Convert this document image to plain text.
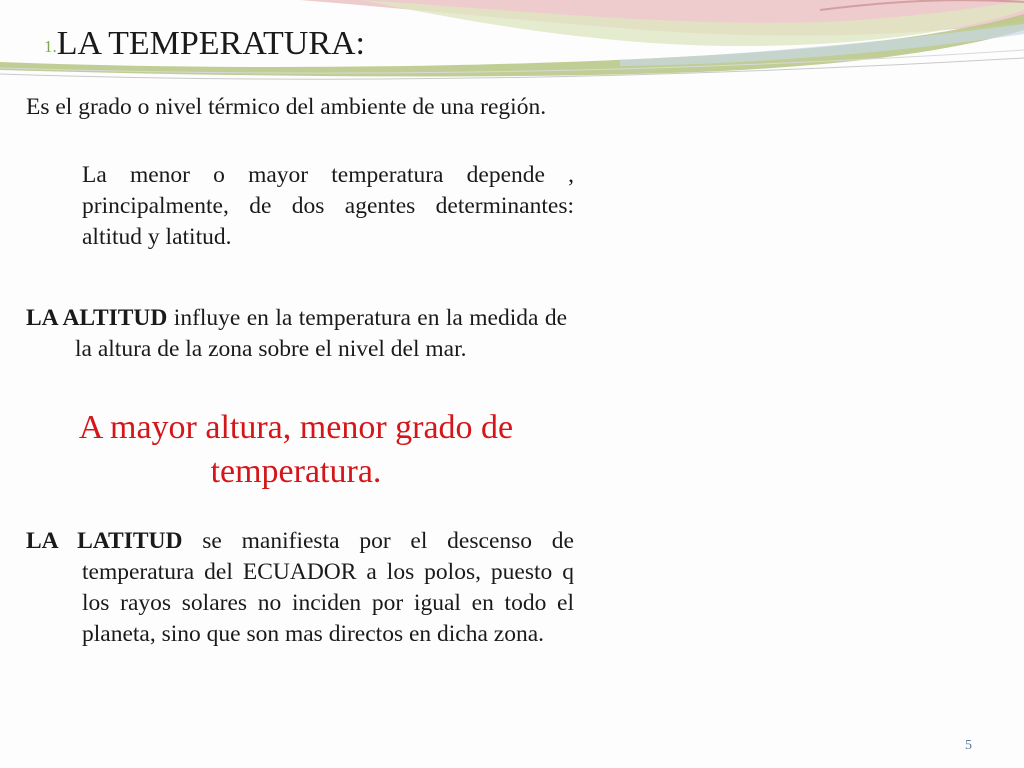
1.LA TEMPERATURA:
Es el grado o nivel térmico del ambiente de una región.
La menor o mayor temperatura depende , principalmente, de dos agentes determinantes: altitud y latitud.
LA ALTITUD influye en la temperatura en la medida de la altura de la zona sobre el nivel del mar.
A mayor altura, menor grado de temperatura.
LA LATITUD se manifiesta por el descenso de temperatura del ECUADOR a los polos, puesto q los rayos solares no inciden por igual en todo el planeta, sino que son mas directos en dicha zona.
5
